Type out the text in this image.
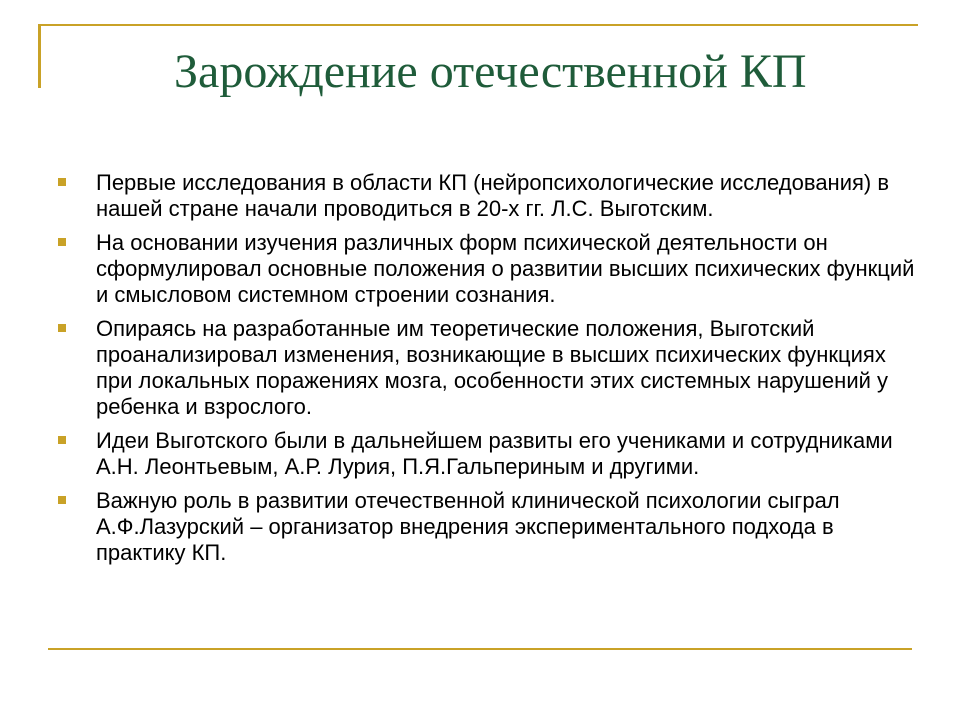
Зарождение отечественной КП
Первые исследования в области КП (нейропсихологические исследования) в нашей стране начали проводиться в 20-х гг. Л.С. Выготским.
На основании изучения различных форм психической деятельности он сформулировал основные положения о развитии высших психических функций и смысловом системном строении сознания.
Опираясь на разработанные им теоретические положения, Выготский проанализировал изменения, возникающие в высших психических функциях при локальных поражениях мозга, особенности этих системных нарушений у ребенка и взрослого.
Идеи Выготского были в дальнейшем развиты его учениками и сотрудниками А.Н. Леонтьевым, А.Р. Лурия, П.Я.Гальпериным и другими.
Важную роль в развитии отечественной клинической психологии сыграл А.Ф.Лазурский – организатор внедрения экспериментального подхода в практику КП.
